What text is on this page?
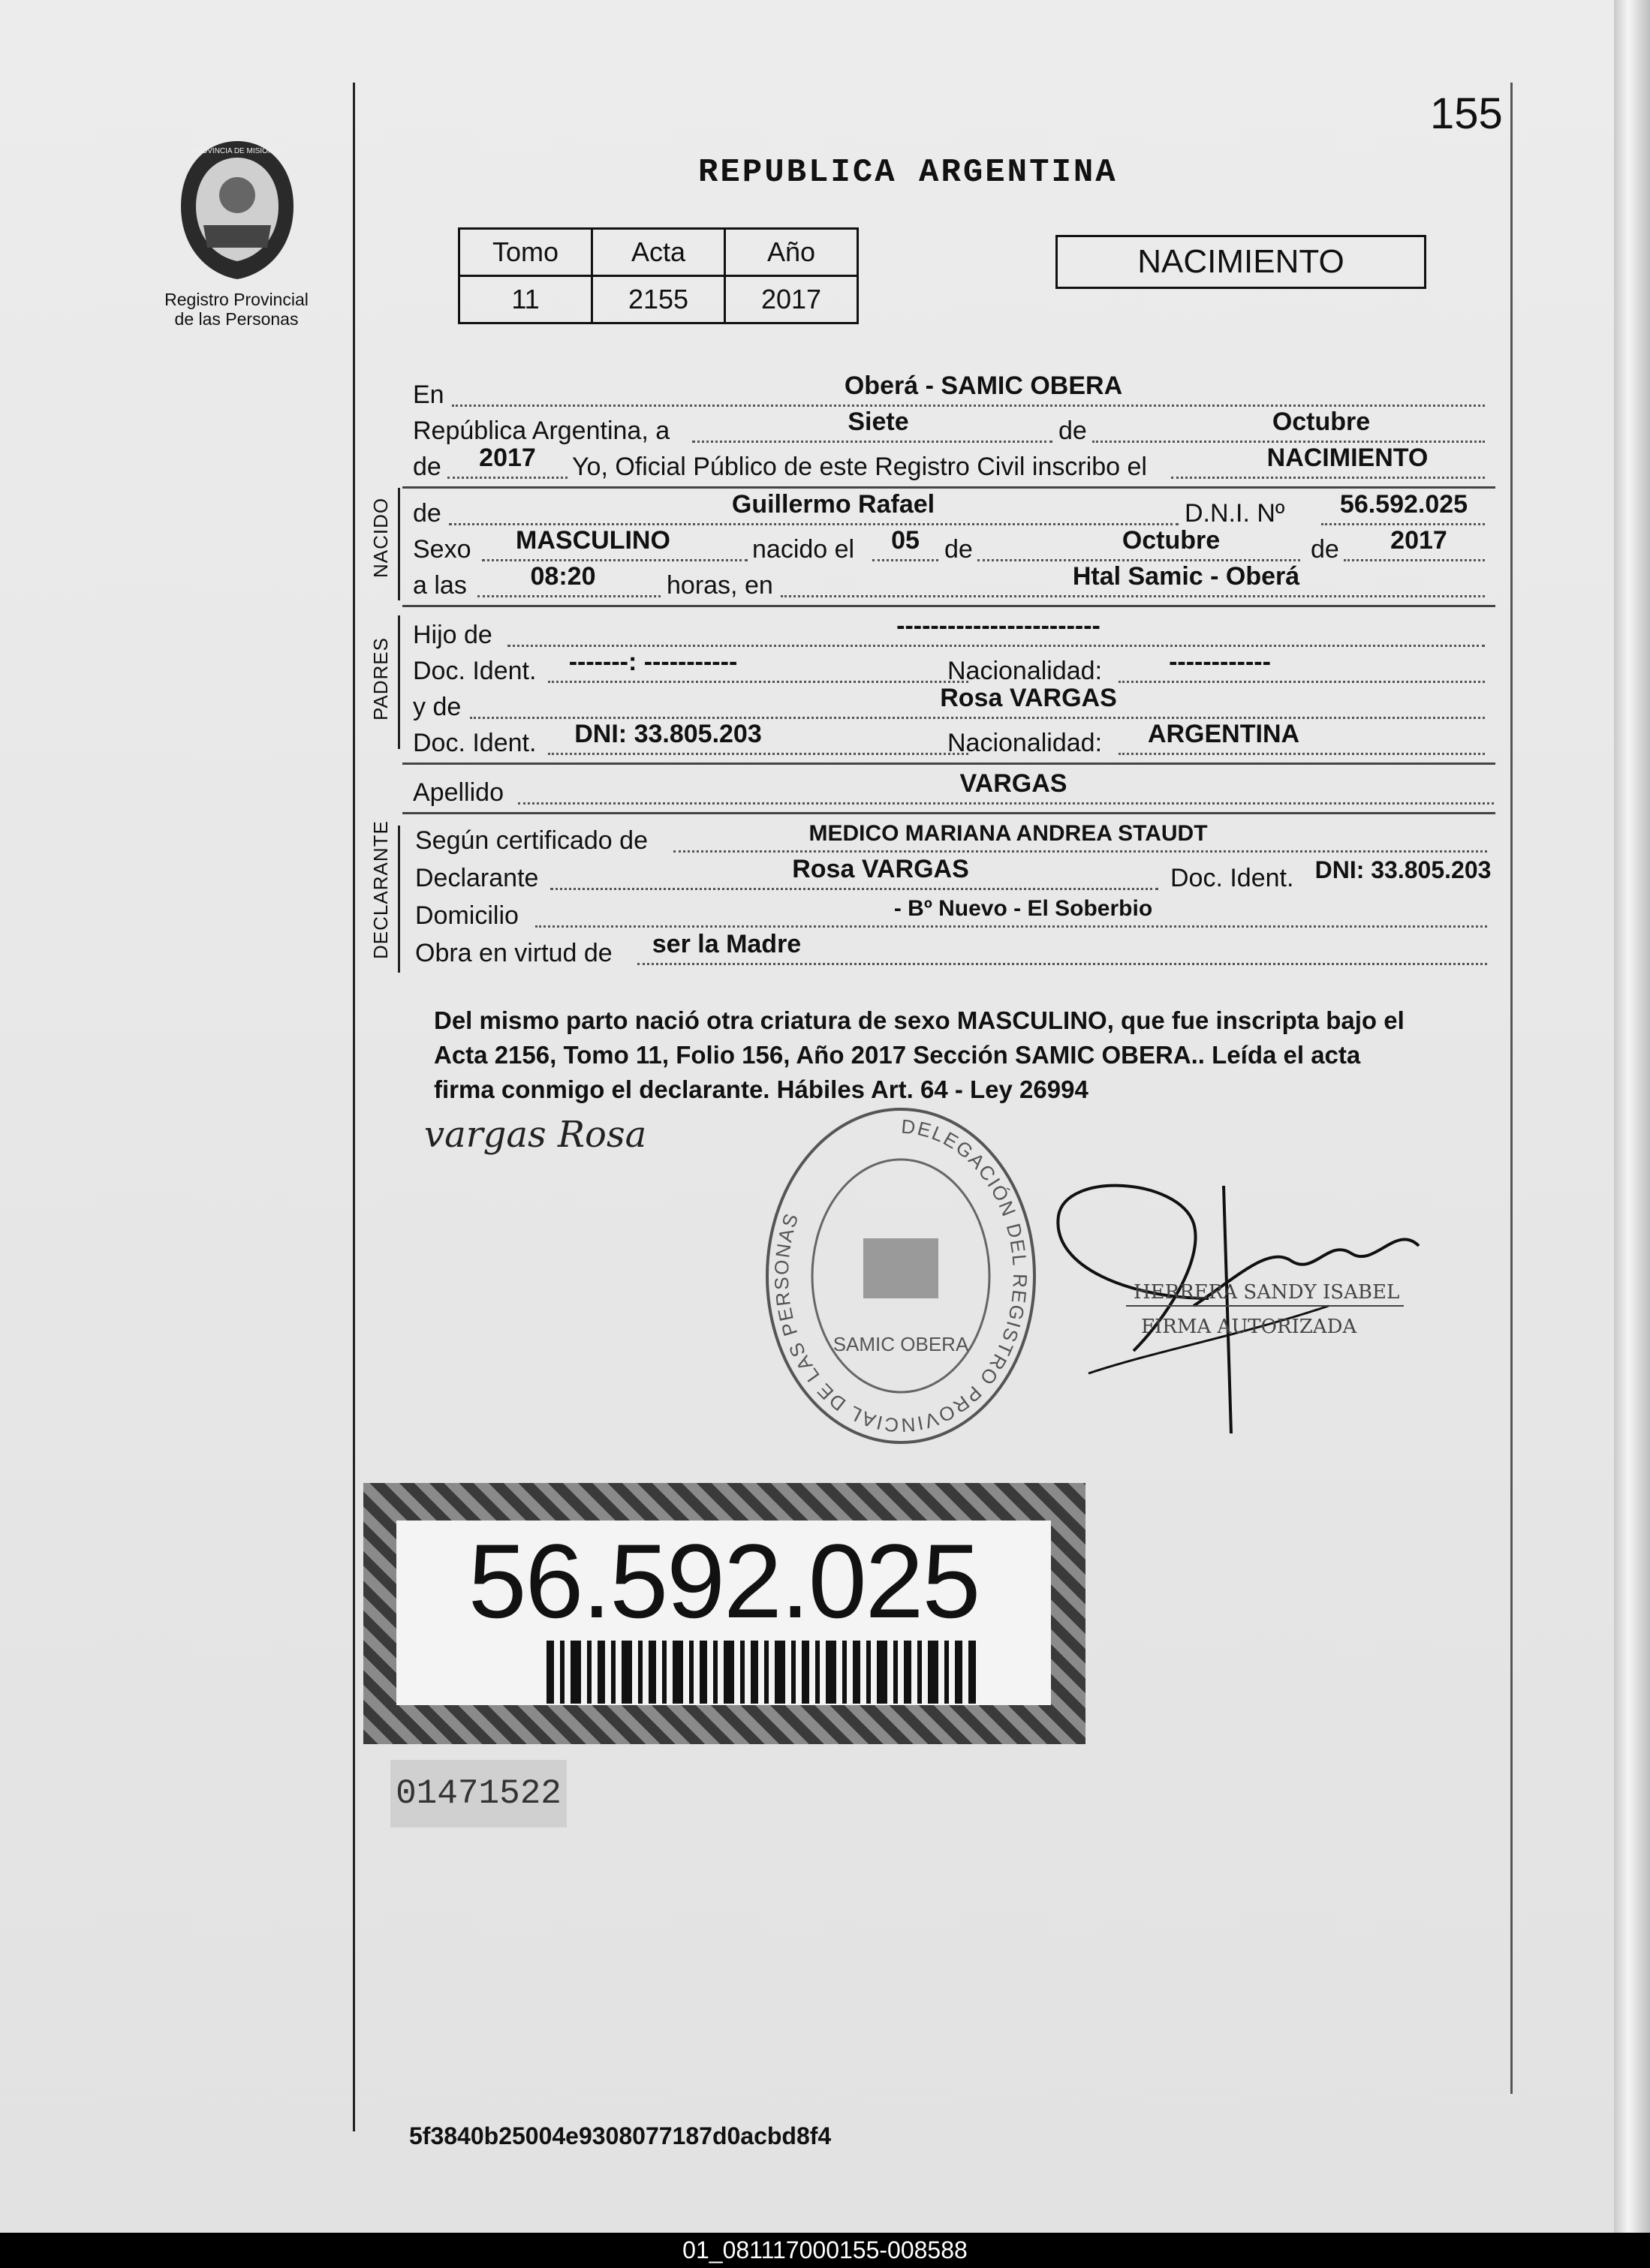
155
REPUBLICA ARGENTINA
PROVINCIA DE MISIONES
Registro Provincial
de las Personas
Tomo	Acta	Año
11	2155	2017
NACIMIENTO
En	Oberá - SAMIC OBERA
República Argentina, a	Siete	de	Octubre
de	2017	Yo, Oficial Público de este Registro Civil inscribo el	NACIMIENTO
NACIDO de	Guillermo Rafael	D.N.I. Nº	56.592.025
Sexo	MASCULINO	nacido el	05 de	Octubre	de	2017
a las	08:20	horas, en	Htal Samic - Oberá
PADRES
Hijo de	------------------------
Doc. Ident.	-------: -----------	Nacionalidad:	------------
y de	Rosa VARGAS
Doc. Ident.	DNI: 33.805.203	Nacionalidad:	ARGENTINA
Apellido	VARGAS
DECLARANTE Según certificado de	MEDICO MARIANA ANDREA STAUDT
Declarante	Rosa VARGAS	Doc. Ident. DNI: 33.805.203
Domicilio	- Bº Nuevo - El Soberbio
Obra en virtud de	ser la Madre
Del mismo parto nació otra criatura de sexo MASCULINO, que fue inscripta bajo el
Acta 2156, Tomo 11, Folio 156, Año 2017 Sección SAMIC OBERA.. Leída el acta
firma conmigo el declarante. Hábiles Art. 64 - Ley 26994
vargas Rosa	DELEGACIÓN DEL REGISTRO PROVINCIAL DE LAS PERSONAS
SAMIC OBERA
HERRERA SANDY ISABEL
FIRMA AUTORIZADA
56.592.025
01471522
5f3840b25004e9308077187d0acbd8f4
01_081117000155-008588
